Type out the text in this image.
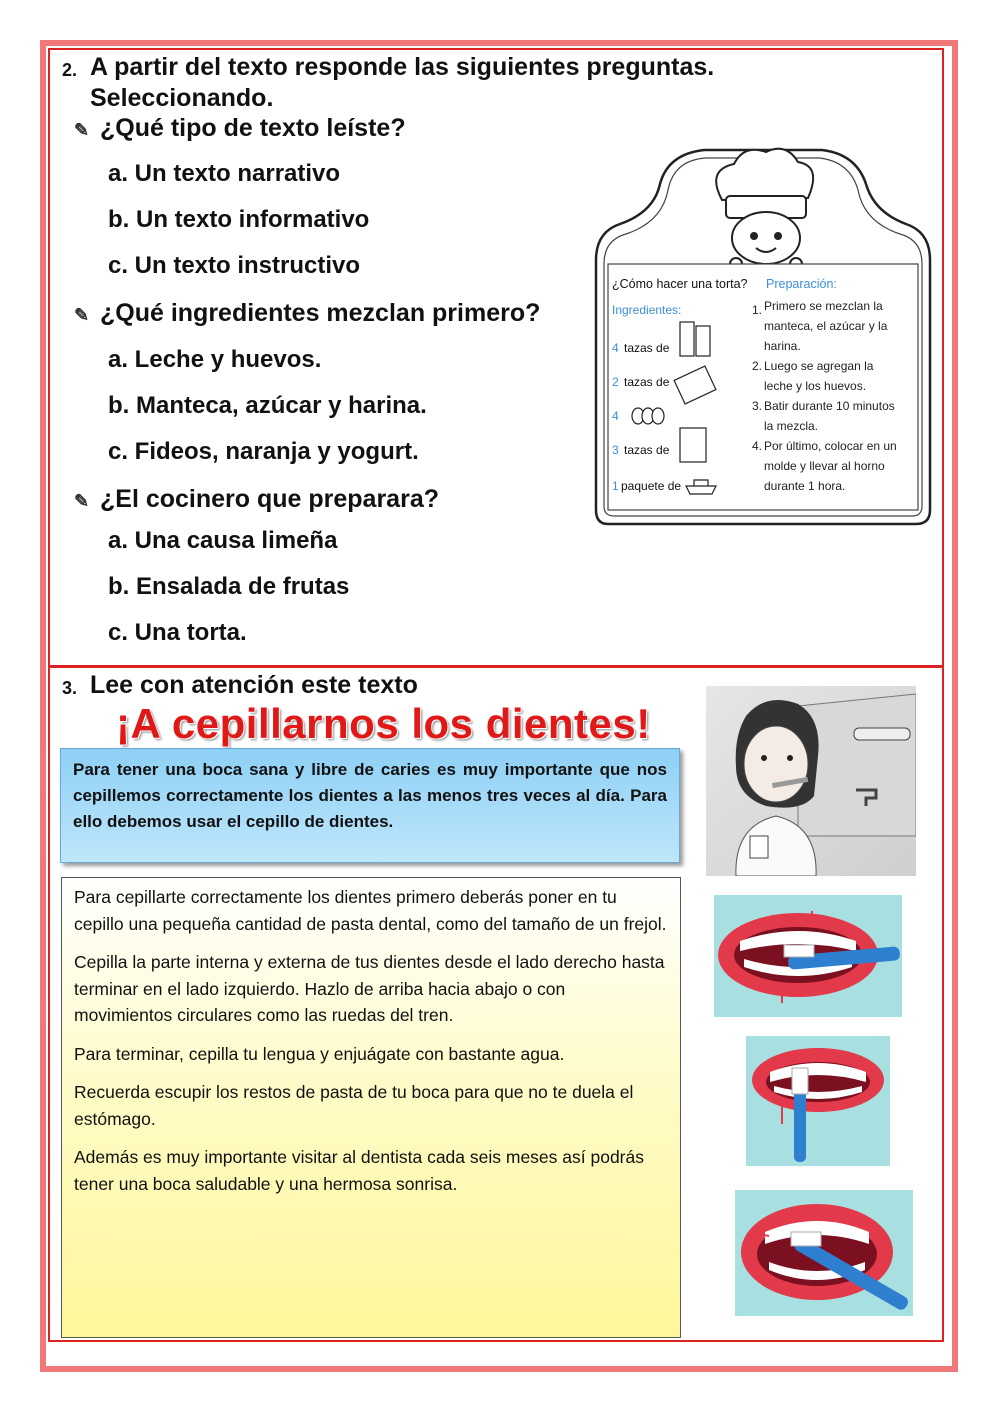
2. A partir del texto responde las siguientes preguntas.
Seleccionando.
✎ ¿Qué tipo de texto leíste?
a. Un texto narrativo
b. Un texto informativo
c. Un texto instructivo
✎ ¿Qué ingredientes mezclan primero?
a. Leche y huevos.
b. Manteca, azúcar y harina.
c. Fideos, naranja y yogurt.
✎ ¿El cocinero que preparara?
a. Una causa limeña
b. Ensalada de frutas
c. Una torta.
¿Cómo hacer una torta? Preparación:
Ingredientes:
4 tazas de
2 tazas de
4
3 tazas de
1 paquete de
1. Primero se mezclan la
manteca, el azúcar y la
harina.
2. Luego se agregan la
leche y los huevos.
3. Batir durante 10 minutos
la mezcla.
4. Por último, colocar en un
molde y llevar al horno
durante 1 hora.
3. Lee con atención este texto
¡A cepillarnos los dientes!
Para tener una boca sana y libre de caries es muy importante que nos cepillemos correctamente los dientes a las menos tres veces al día. Para ello debemos usar el cepillo de dientes.

Para cepillarte correctamente los dientes primero deberás poner en tu cepillo una pequeña cantidad de pasta dental, como del tamaño de un frejol.

Cepilla la parte interna y externa de tus dientes desde el lado derecho hasta terminar en el lado izquierdo. Hazlo de arriba hacia abajo o con movimientos circulares como las ruedas del tren.

Para terminar, cepilla tu lengua y enjuágate con bastante agua.

Recuerda escupir los restos de pasta de tu boca para que no te duela el estómago.

Además es muy importante visitar al dentista cada seis meses así podrás tener una boca saludable y una hermosa sonrisa.
